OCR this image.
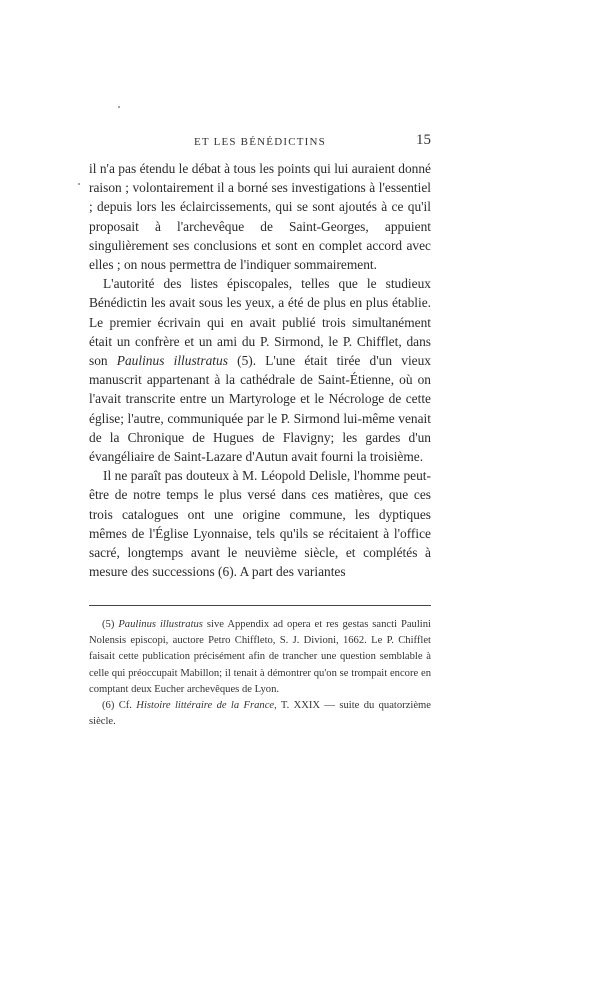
ET LES BÉNÉDICTINS	15

il n'a pas étendu le débat à tous les points qui lui auraient donné raison ; volontairement il a borné ses investigations à l'essentiel ; depuis lors les éclaircissements, qui se sont ajoutés à ce qu'il proposait à l'archevêque de Saint-Georges, appuient singulièrement ses conclusions et sont en complet accord avec elles ; on nous permettra de l'indiquer sommairement.

L'autorité des listes épiscopales, telles que le studieux Bénédictin les avait sous les yeux, a été de plus en plus établie. Le premier écrivain qui en avait publié trois simultanément était un confrère et un ami du P. Sirmond, le P. Chifflet, dans son Paulinus illustratus (5). L'une était tirée d'un vieux manuscrit appartenant à la cathédrale de Saint-Étienne, où on l'avait transcrite entre un Martyrologe et le Nécrologe de cette église; l'autre, communiquée par le P. Sirmond lui-même venait de la Chronique de Hugues de Flavigny; les gardes d'un évangéliaire de Saint-Lazare d'Autun avait fourni la troisième.

Il ne paraît pas douteux à M. Léopold Delisle, l'homme peut-être de notre temps le plus versé dans ces matières, que ces trois catalogues ont une origine commune, les dyptiques mêmes de l'Église Lyonnaise, tels qu'ils se récitaient à l'office sacré, longtemps avant le neuvième siècle, et complétés à mesure des successions (6). A part des variantes

(5) Paulinus illustratus sive Appendix ad opera et res gestas sancti Paulini Nolensis episcopi, auctore Petro Chiffleto, S. J. Divioni, 1662. Le P. Chifflet faisait cette publication précisément afin de trancher une question semblable à celle qui préoccupait Mabillon; il tenait à démontrer qu'on se trompait encore en comptant deux Eucher archevêques de Lyon.

(6) Cf. Histoire littéraire de la France, T. XXIX — suite du quatorzième siècle.
